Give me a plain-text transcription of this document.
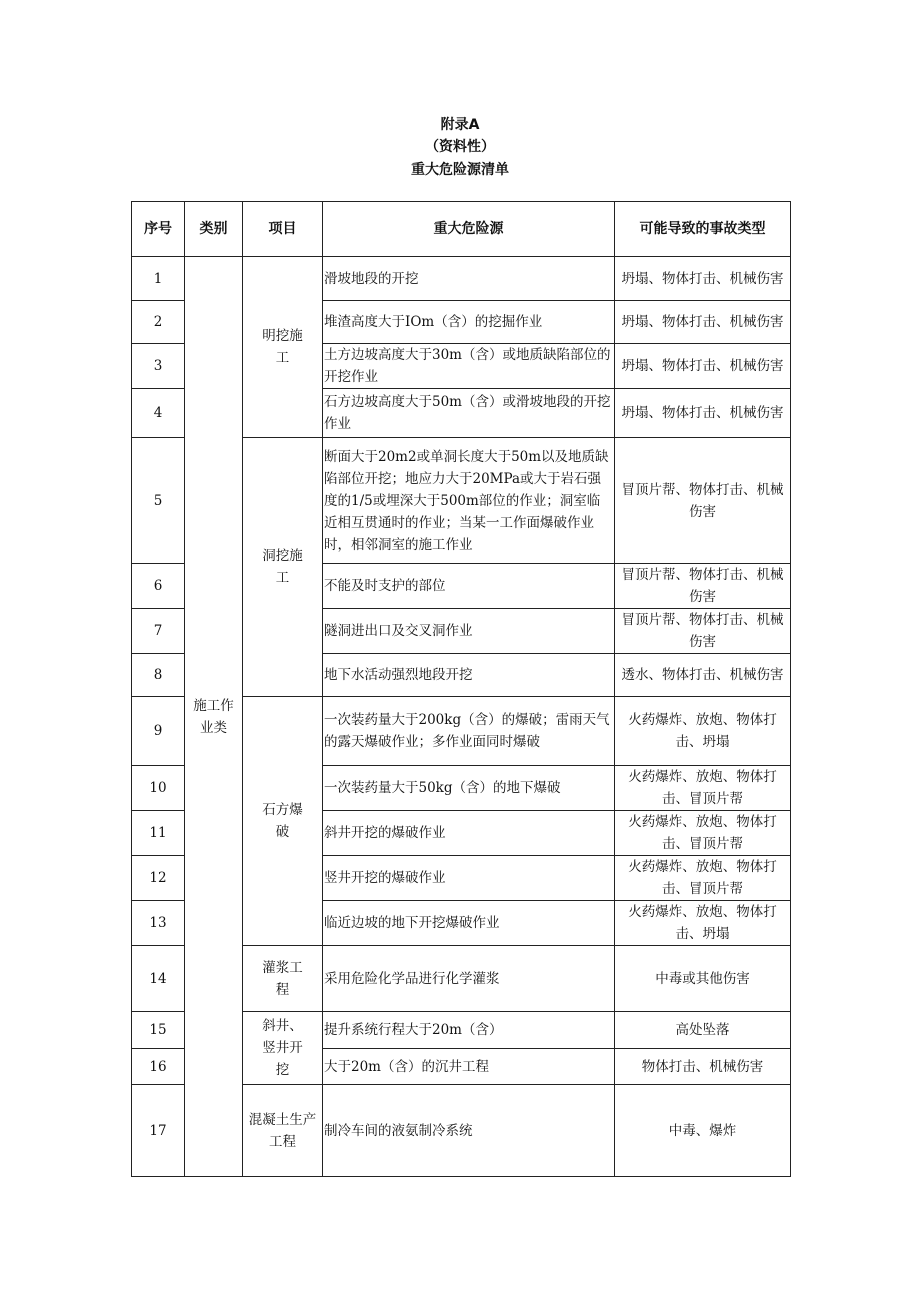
附录A
（资料性）
重大危险源清单
序号	类别	项目	重大危险源	可能导致的事故类型
1	施工作业类	明挖施工	滑坡地段的开挖	坍塌、物体打击、机械伤害
2			堆渣高度大于IOm（含）的挖掘作业	坍塌、物体打击、机械伤害
3			土方边坡高度大于30m（含）或地质缺陷部位的开挖作业	坍塌、物体打击、机械伤害
4			石方边坡高度大于50m（含）或滑坡地段的开挖作业	坍塌、物体打击、机械伤害
5		洞挖施工	断面大于20m2或单洞长度大于50m以及地质缺陷部位开挖；地应力大于20MPa或大于岩石强度的1/5或埋深大于500m部位的作业；洞室临近相互贯通时的作业；当某一工作面爆破作业时，相邻洞室的施工作业	冒顶片帮、物体打击、机械伤害
6			不能及时支护的部位	冒顶片帮、物体打击、机械伤害
7			隧洞进出口及交叉洞作业	冒顶片帮、物体打击、机械伤害
8			地下水活动强烈地段开挖	透水、物体打击、机械伤害
9		石方爆破	一次装药量大于200kg（含）的爆破；雷雨天气的露天爆破作业；多作业面同时爆破	火药爆炸、放炮、物体打击、坍塌
10			一次装药量大于50kg（含）的地下爆破	火药爆炸、放炮、物体打击、冒顶片帮
11			斜井开挖的爆破作业	火药爆炸、放炮、物体打击、冒顶片帮
12			竖井开挖的爆破作业	火药爆炸、放炮、物体打击、冒顶片帮
13			临近边坡的地下开挖爆破作业	火药爆炸、放炮、物体打击、坍塌
14		灌浆工程	采用危险化学品进行化学灌浆	中毒或其他伤害
15		斜井、竖井开挖	提升系统行程大于20m（含）	高处坠落
16			大于20m（含）的沉井工程	物体打击、机械伤害
17		混凝土生产工程	制冷车间的液氨制冷系统	中毒、爆炸
